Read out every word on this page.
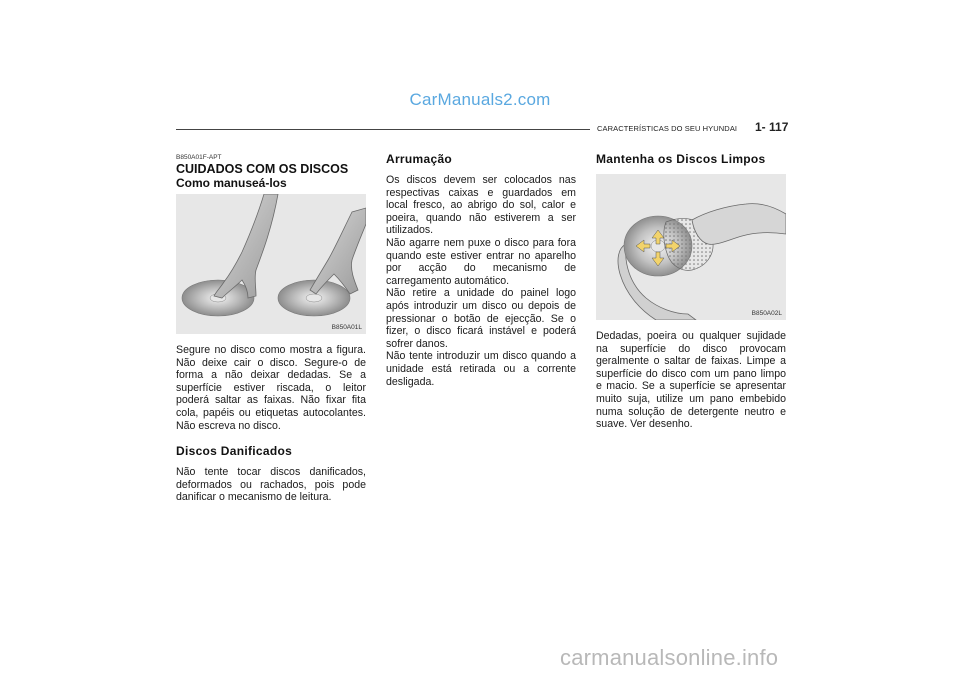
CarManuals2.com
CARACTERÍSTICAS DO SEU HYUNDAI 1- 117
B850A01F-APT
CUIDADOS COM OS DISCOS
Como manuseá-los
B850A01L
Segure no disco como mostra a figura. Não deixe cair o disco. Segure-o de forma a não deixar dedadas. Se a superfície estiver riscada, o leitor poderá saltar as faixas. Não fixar fita cola, papéis ou etiquetas autocolantes. Não escreva no disco.
Discos Danificados
Não tente tocar discos danificados, deformados ou rachados, pois pode danificar o mecanismo de leitura.
Arrumação
Os discos devem ser colocados nas respectivas caixas e guardados em local fresco, ao abrigo do sol, calor e poeira, quando não estiverem a ser utilizados.
Não agarre nem puxe o disco para fora quando este estiver entrar no aparelho por acção do mecanismo de carregamento automático.
Não retire a unidade do painel logo após introduzir um disco ou depois de pressionar o botão de ejecção. Se o fizer, o disco ficará instável e poderá sofrer danos.
Não tente introduzir um disco quando a unidade está retirada ou a corrente desligada.
Mantenha os Discos Limpos
B850A02L
Dedadas, poeira ou qualquer sujidade na superfície do disco provocam geralmente o saltar de faixas. Limpe a superfície do disco com um pano limpo e macio. Se a superfície se apresentar muito suja, utilize um pano embebido numa solução de detergente neutro e suave. Ver desenho.
carmanualsonline.info
